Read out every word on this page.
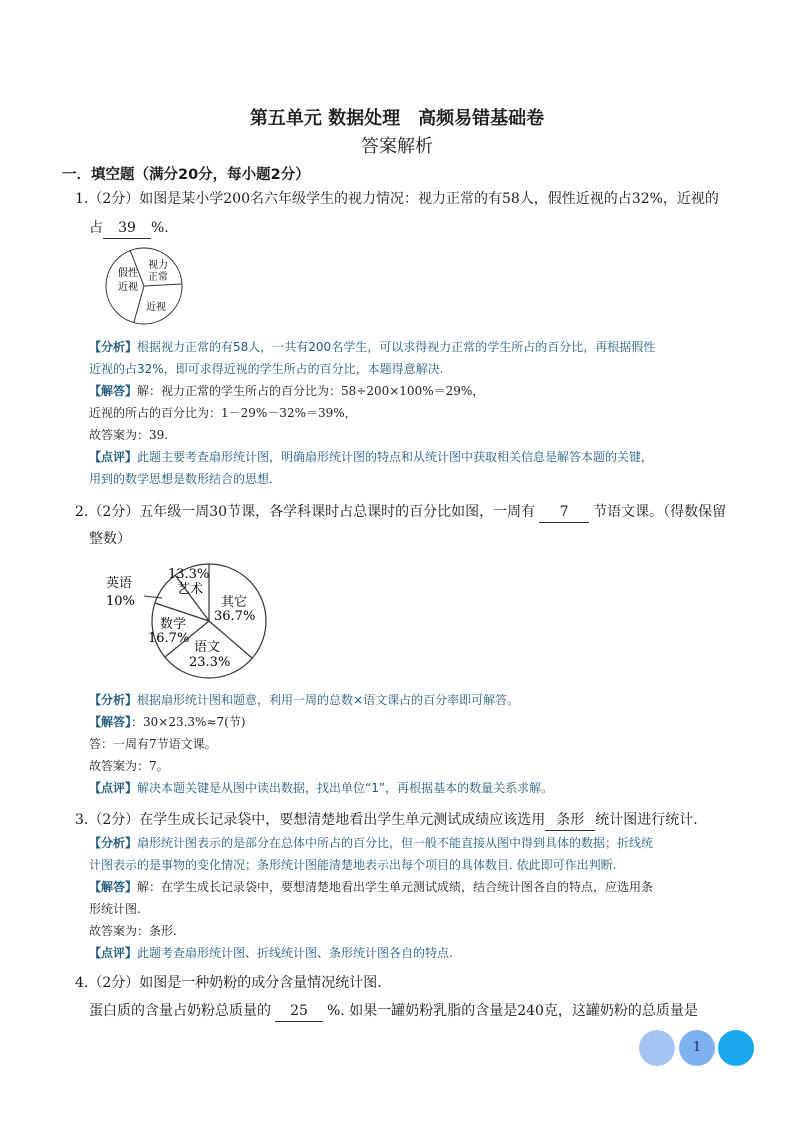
第五单元 数据处理　高频易错基础卷
答案解析
一．填空题（满分20分，每小题2分）
1.（2分）如图是某小学200名六年级学生的视力情况：视力正常的有58人，假性近视的占32%，近视的
占 39 %.
假性
近视
视力
正常
近视
【分析】根据视力正常的有58人，一共有200名学生，可以求得视力正常的学生所占的百分比，再根据假性
近视的占32%，即可求得近视的学生所占的百分比，本题得意解决.
【解答】解：视力正常的学生所占的百分比为：58÷200×100%＝29%，
近视的所占的百分比为：1－29%－32%＝39%，
故答案为：39.
【点评】此题主要考查扇形统计图，明确扇形统计图的特点和从统计图中获取相关信息是解答本题的关键，
用到的数学思想是数形结合的思想.
2.（2分）五年级一周30节课，各学科课时占总课时的百分比如图，一周有 7 节语文课。（得数保留
整数）
英语
10%
13.3%
艺术
其它
36.7%
数学
16.7%
语文
23.3%
【分析】根据扇形统计图和题意，利用一周的总数×语文课占的百分率即可解答。
【解答】：30×23.3%≈7(节)
答：一周有7节语文课。
故答案为：7。
【点评】解决本题关键是从图中读出数据，找出单位“1”，再根据基本的数量关系求解。
3.（2分）在学生成长记录袋中，要想清楚地看出学生单元测试成绩应该选用 条形 统计图进行统计.
【分析】扇形统计图表示的是部分在总体中所占的百分比，但一般不能直接从图中得到具体的数据；折线统
计图表示的是事物的变化情况；条形统计图能清楚地表示出每个项目的具体数目. 依此即可作出判断.
【解答】解：在学生成长记录袋中，要想清楚地看出学生单元测试成绩，结合统计图各自的特点，应选用条
形统计图.
故答案为：条形.
【点评】此题考查扇形统计图、折线统计图、条形统计图各自的特点.
4.（2分）如图是一种奶粉的成分含量情况统计图.
蛋白质的含量占奶粉总质量的 25 %. 如果一罐奶粉乳脂的含量是240克，这罐奶粉的总质量是
1
